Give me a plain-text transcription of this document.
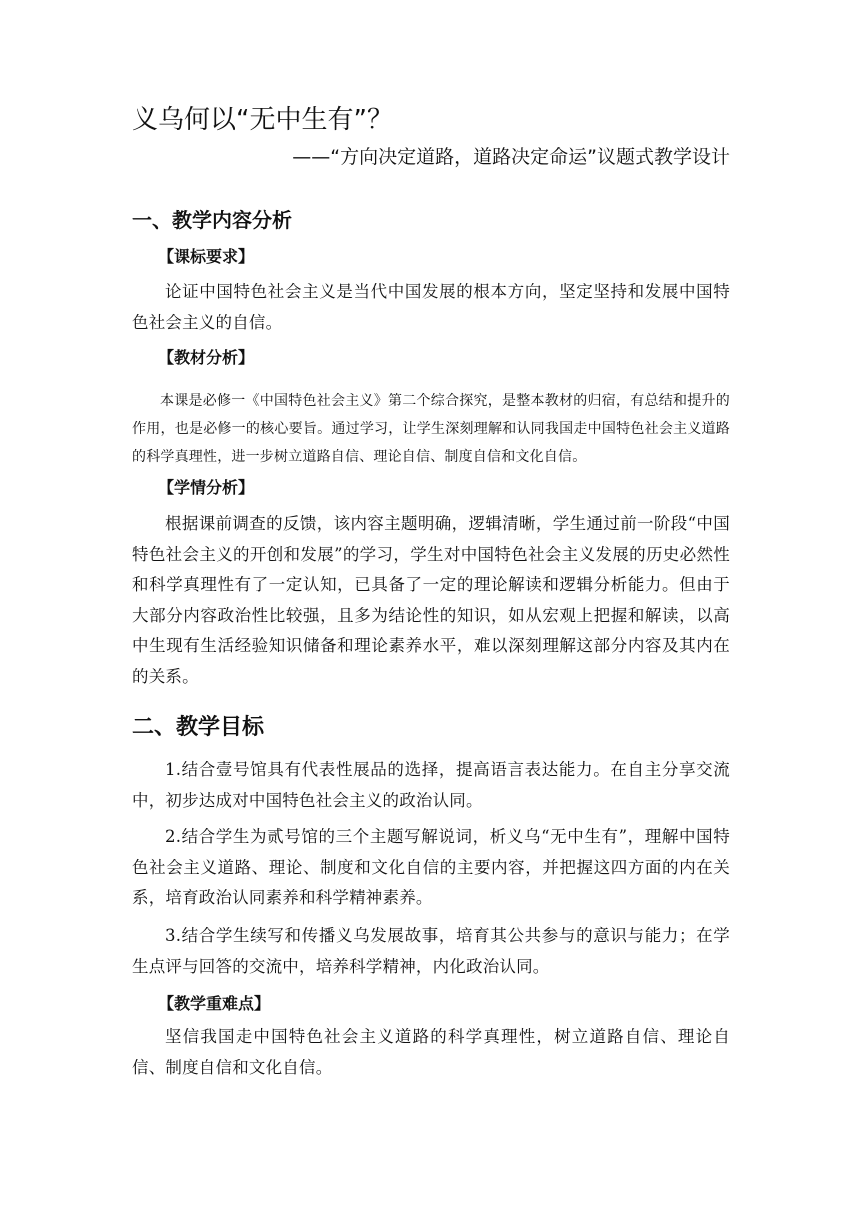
义乌何以“无中生有”？

——“方向决定道路，道路决定命运”议题式教学设计

一、教学内容分析

【课标要求】

论证中国特色社会主义是当代中国发展的根本方向，坚定坚持和发展中国特色社会主义的自信。

【教材分析】

本课是必修一《中国特色社会主义》第二个综合探究，是整本教材的归宿，有总结和提升的作用，也是必修一的核心要旨。通过学习，让学生深刻理解和认同我国走中国特色社会主义道路的科学真理性，进一步树立道路自信、理论自信、制度自信和文化自信。

【学情分析】

根据课前调查的反馈，该内容主题明确，逻辑清晰，学生通过前一阶段“中国特色社会主义的开创和发展”的学习，学生对中国特色社会主义发展的历史必然性和科学真理性有了一定认知，已具备了一定的理论解读和逻辑分析能力。但由于大部分内容政治性比较强，且多为结论性的知识，如从宏观上把握和解读，以高中生现有生活经验知识储备和理论素养水平，难以深刻理解这部分内容及其内在的关系。

二、教学目标

1.结合壹号馆具有代表性展品的选择，提高语言表达能力。在自主分享交流中，初步达成对中国特色社会主义的政治认同。

2.结合学生为贰号馆的三个主题写解说词，析义乌“无中生有”，理解中国特色社会主义道路、理论、制度和文化自信的主要内容，并把握这四方面的内在关系，培育政治认同素养和科学精神素养。

3.结合学生续写和传播义乌发展故事，培育其公共参与的意识与能力；在学生点评与回答的交流中，培养科学精神，内化政治认同。

【教学重难点】

坚信我国走中国特色社会主义道路的科学真理性，树立道路自信、理论自信、制度自信和文化自信。
